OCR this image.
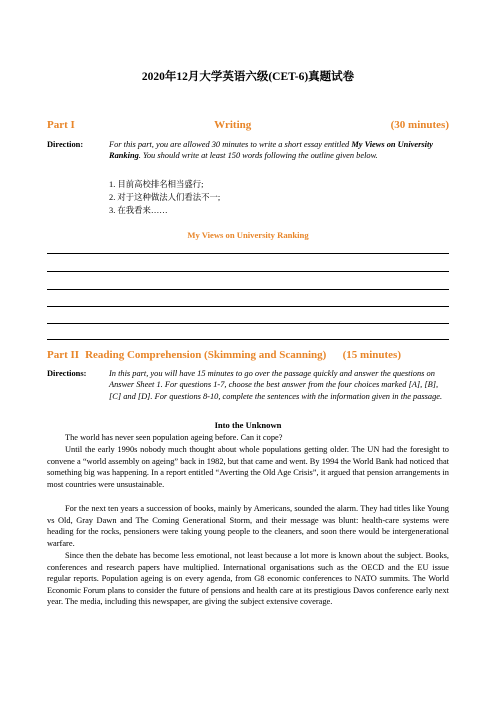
2020年12月大学英语六级(CET-6)真题试卷
Part I	Writing	(30 minutes)
Direction:	For this part, you are allowed 30 minutes to write a short essay entitled My Views on University Ranking. You should write at least 150 words following the outline given below.
1. 目前高校排名相当盛行;
2. 对于这种做法人们看法不一;
3. 在我看来……
My Views on University Ranking
Part II Reading Comprehension (Skimming and Scanning) (15 minutes)
Directions:	In this part, you will have 15 minutes to go over the passage quickly and answer the questions on Answer Sheet 1. For questions 1-7, choose the best answer from the four choices marked [A], [B], [C] and [D]. For questions 8-10, complete the sentences with the information given in the passage.
Into the Unknown
The world has never seen population ageing before. Can it cope?
Until the early 1990s nobody much thought about whole populations getting older. The UN had the foresight to convene a “world assembly on ageing” back in 1982, but that came and went. By 1994 the World Bank had noticed that something big was happening. In a report entitled “Averting the Old Age Crisis”, it argued that pension arrangements in most countries were unsustainable.
For the next ten years a succession of books, mainly by Americans, sounded the alarm. They had titles like Young vs Old, Gray Dawn and The Coming Generational Storm, and their message was blunt: health-care systems were heading for the rocks, pensioners were taking young people to the cleaners, and soon there would be intergenerational warfare.
Since then the debate has become less emotional, not least because a lot more is known about the subject. Books, conferences and research papers have multiplied. International organisations such as the OECD and the EU issue regular reports. Population ageing is on every agenda, from G8 economic conferences to NATO summits. The World Economic Forum plans to consider the future of pensions and health care at its prestigious Davos conference early next year. The media, including this newspaper, are giving the subject extensive coverage.
